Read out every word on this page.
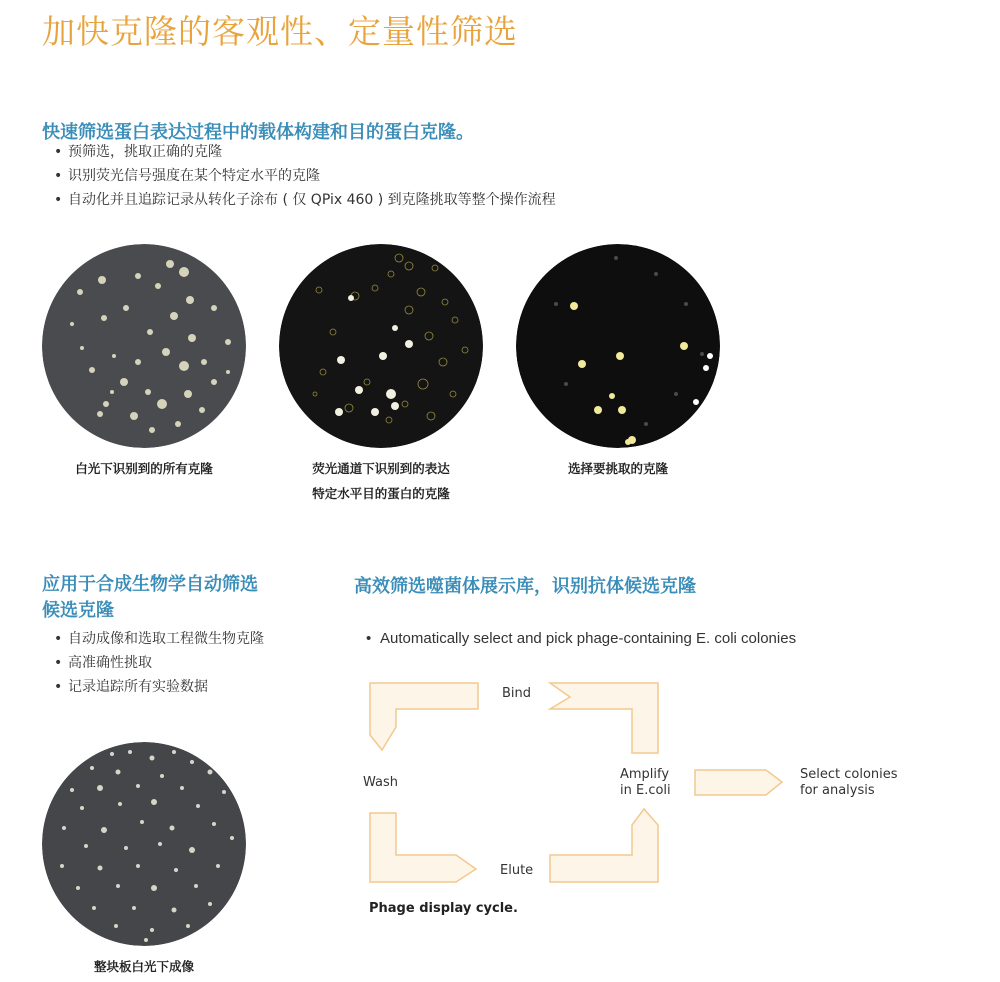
加快克隆的客观性、定量性筛选
快速筛选蛋白表达过程中的载体构建和目的蛋白克隆。
• 预筛选，挑取正确的克隆
• 识别荧光信号强度在某个特定水平的克隆
• 自动化并且追踪记录从转化子涂布 ( 仅 QPix 460 ) 到克隆挑取等整个操作流程
白光下识别到的所有克隆	荧光通道下识别到的表达
特定水平目的蛋白的克隆
选择要挑取的克隆
应用于合成生物学自动筛选
候选克隆
• 自动成像和选取工程微生物克隆
• 高准确性挑取
• 记录追踪所有实验数据
整块板白光下成像
高效筛选噬菌体展示库，识别抗体候选克隆
• Automatically select and pick phage-containing E. coli colonies
Bind
Wash
Elute
Amplify
in E.coli
Select colonies
for analysis
Phage display cycle.
